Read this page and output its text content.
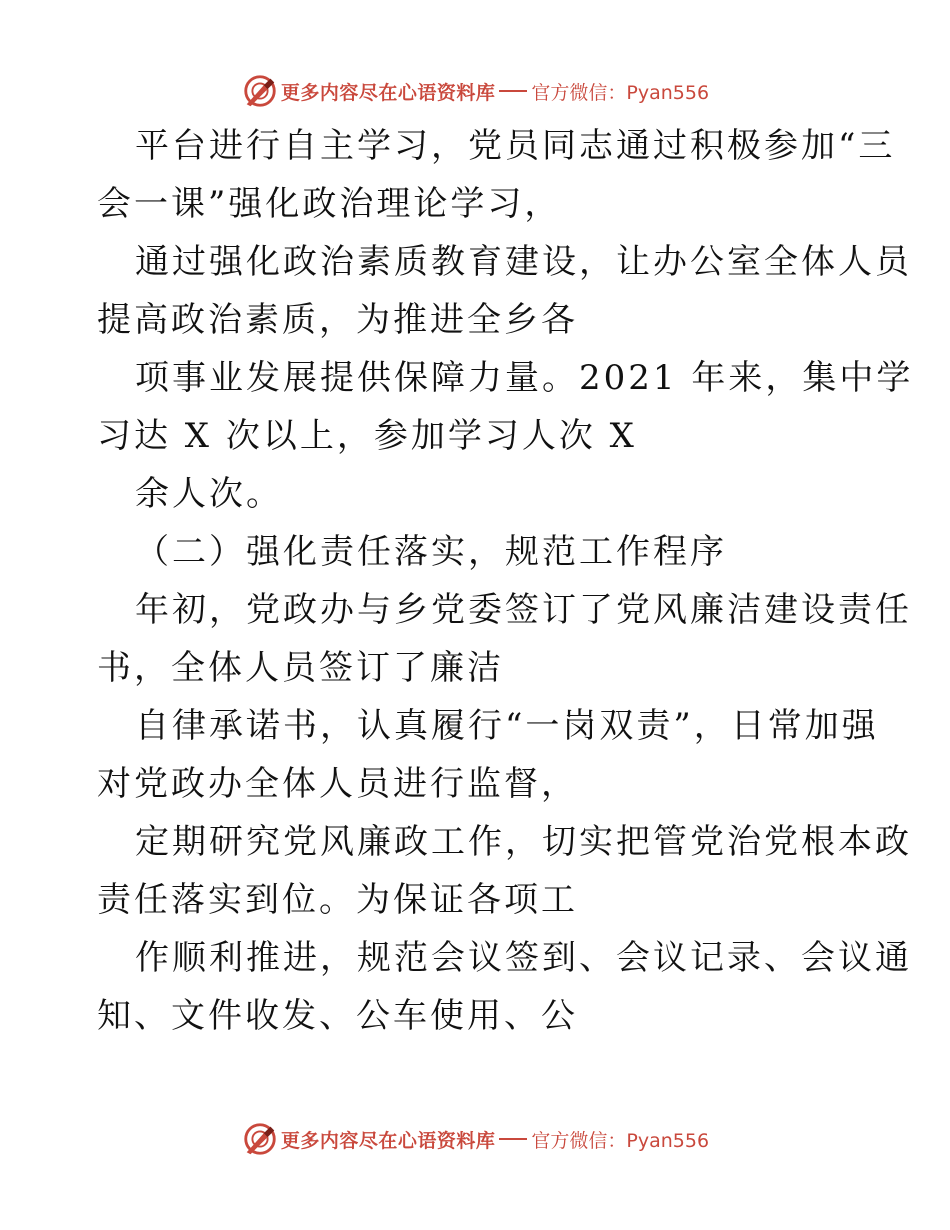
更多内容尽在心语资料库 官方微信：Pyan556
平台进行自主学习，党员同志通过积极参加“三
会一课”强化政治理论学习，
通过强化政治素质教育建设，让办公室全体人员
提高政治素质，为推进全乡各
项事业发展提供保障力量。2021 年来，集中学
习达 X 次以上，参加学习人次 X
余人次。
（二）强化责任落实，规范工作程序
年初，党政办与乡党委签订了党风廉洁建设责任
书，全体人员签订了廉洁
自律承诺书，认真履行“一岗双责”，日常加强
对党政办全体人员进行监督，
定期研究党风廉政工作，切实把管党治党根本政
责任落实到位。为保证各项工
作顺利推进，规范会议签到、会议记录、会议通
知、文件收发、公车使用、公
更多内容尽在心语资料库 官方微信：Pyan556
